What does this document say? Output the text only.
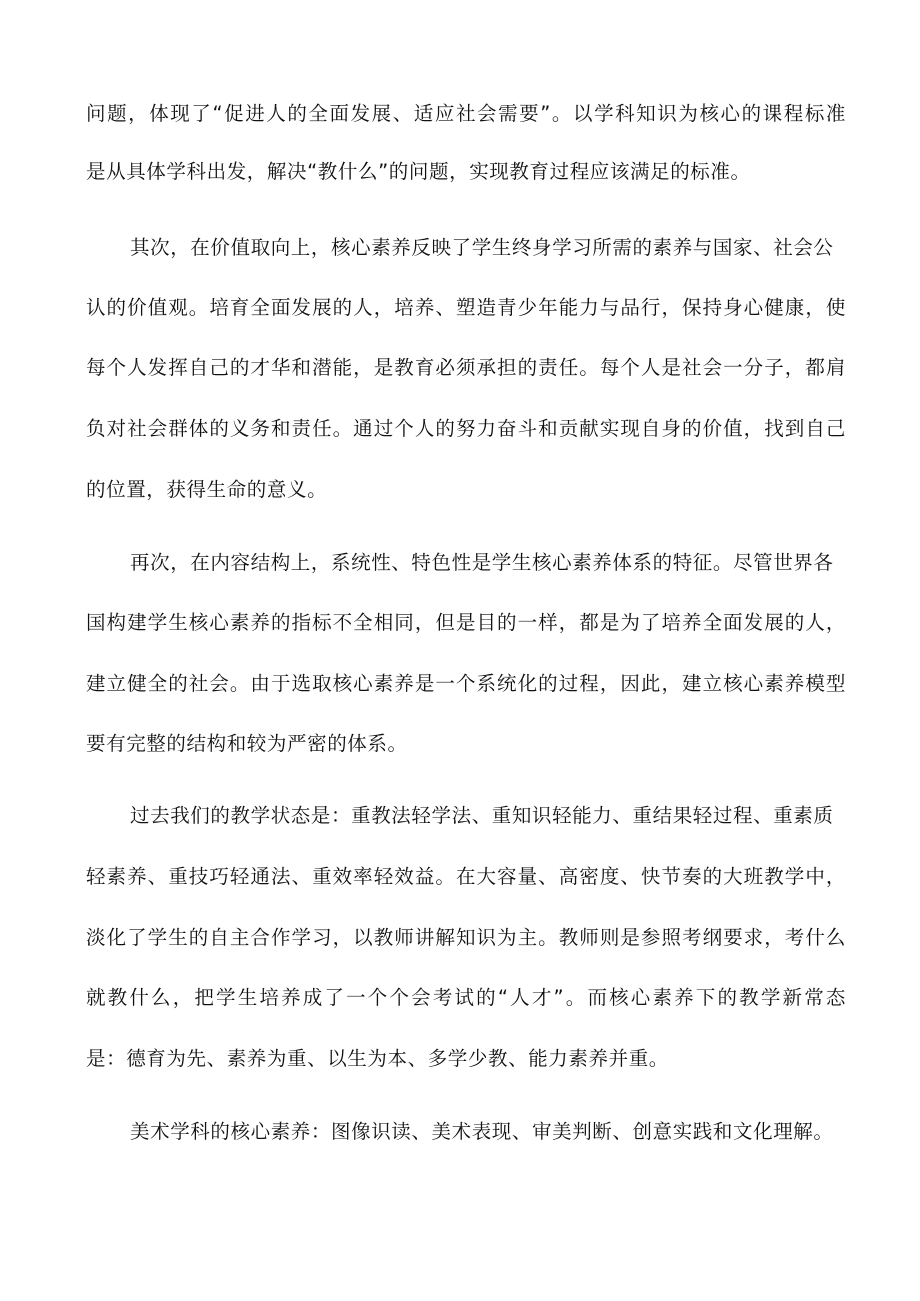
问题，体现了“促进人的全面发展、适应社会需要”。以学科知识为核心的课程标准
是从具体学科出发，解决“教什么”的问题，实现教育过程应该满足的标准。
其次，在价值取向上，核心素养反映了学生终身学习所需的素养与国家、社会公
认的价值观。培育全面发展的人，培养、塑造青少年能力与品行，保持身心健康，使
每个人发挥自己的才华和潜能，是教育必须承担的责任。每个人是社会一分子，都肩
负对社会群体的义务和责任。通过个人的努力奋斗和贡献实现自身的价值，找到自己
的位置，获得生命的意义。
再次，在内容结构上，系统性、特色性是学生核心素养体系的特征。尽管世界各
国构建学生核心素养的指标不全相同，但是目的一样，都是为了培养全面发展的人，
建立健全的社会。由于选取核心素养是一个系统化的过程，因此，建立核心素养模型
要有完整的结构和较为严密的体系。
过去我们的教学状态是：重教法轻学法、重知识轻能力、重结果轻过程、重素质
轻素养、重技巧轻通法、重效率轻效益。在大容量、高密度、快节奏的大班教学中，
淡化了学生的自主合作学习，以教师讲解知识为主。教师则是参照考纲要求，考什么
就教什么，把学生培养成了一个个会考试的“人才”。而核心素养下的教学新常态
是：德育为先、素养为重、以生为本、多学少教、能力素养并重。
美术学科的核心素养：图像识读、美术表现、审美判断、创意实践和文化理解。
